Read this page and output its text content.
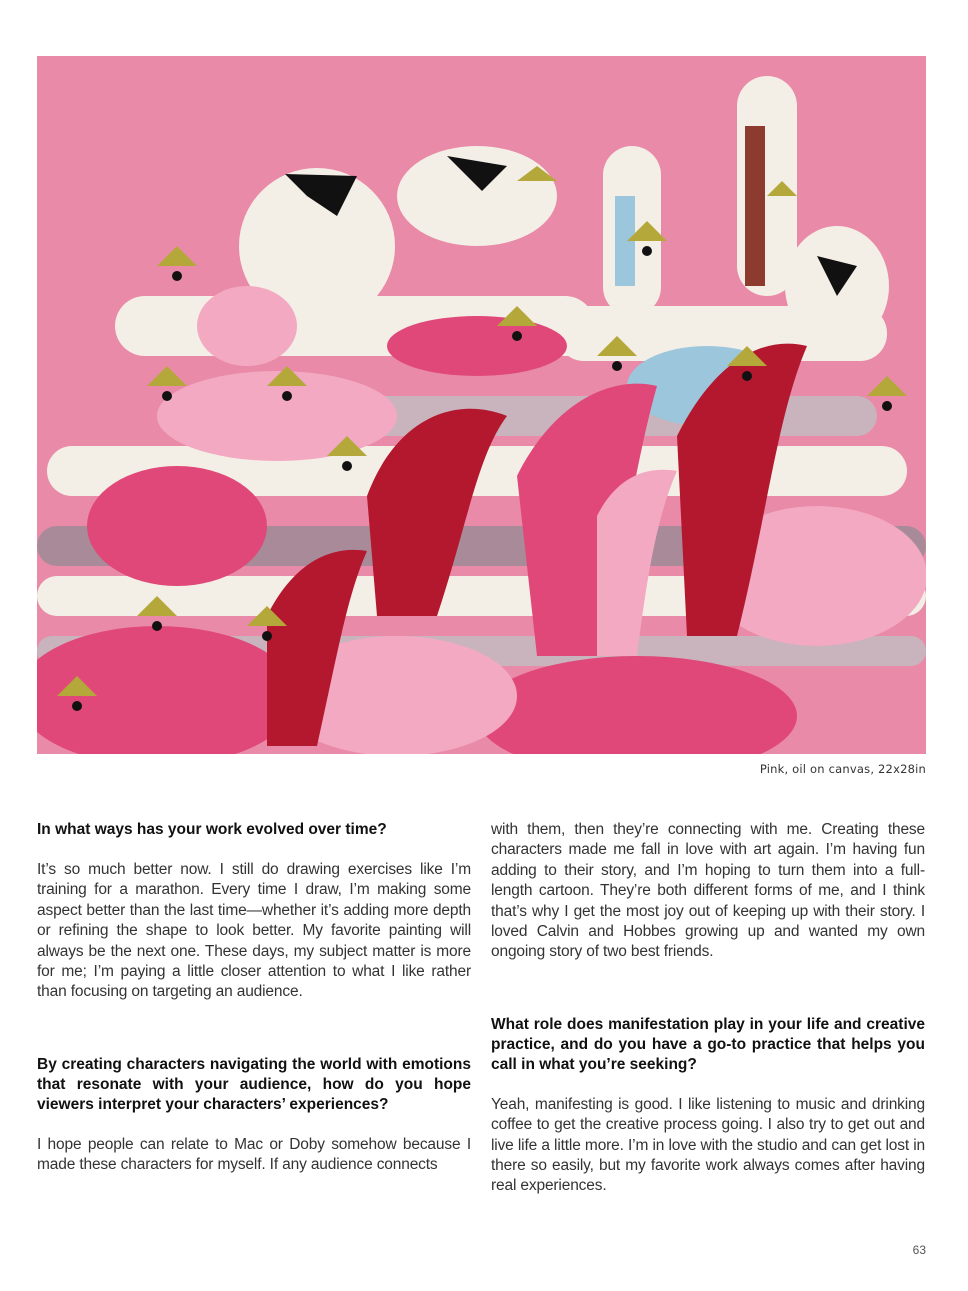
Pink, oil on canvas, 22x28in

In what ways has your work evolved over time?

It’s so much better now. I still do drawing exercises like I’m training for a marathon. Every time I draw, I’m making some aspect better than the last time—whether it’s adding more depth or refining the shape to look better. My favorite painting will always be the next one. These days, my subject matter is more for me; I’m paying a little closer attention to what I like rather than focusing on targeting an audience.

By creating characters navigating the world with emotions that resonate with your audience, how do you hope viewers interpret your characters’ experiences?

I hope people can relate to Mac or Doby somehow because I made these characters for myself. If any audience connects

with them, then they’re connecting with me. Creating these characters made me fall in love with art again. I’m having fun adding to their story, and I’m hoping to turn them into a full-length cartoon. They’re both different forms of me, and I think that’s why I get the most joy out of keeping up with their story. I loved Calvin and Hobbes growing up and wanted my own ongoing story of two best friends.

What role does manifestation play in your life and creative practice, and do you have a go-to practice that helps you call in what you’re seeking?

Yeah, manifesting is good. I like listening to music and drinking coffee to get the creative process going. I also try to get out and live life a little more. I’m in love with the studio and can get lost in there so easily, but my favorite work always comes after having real experiences.

63
